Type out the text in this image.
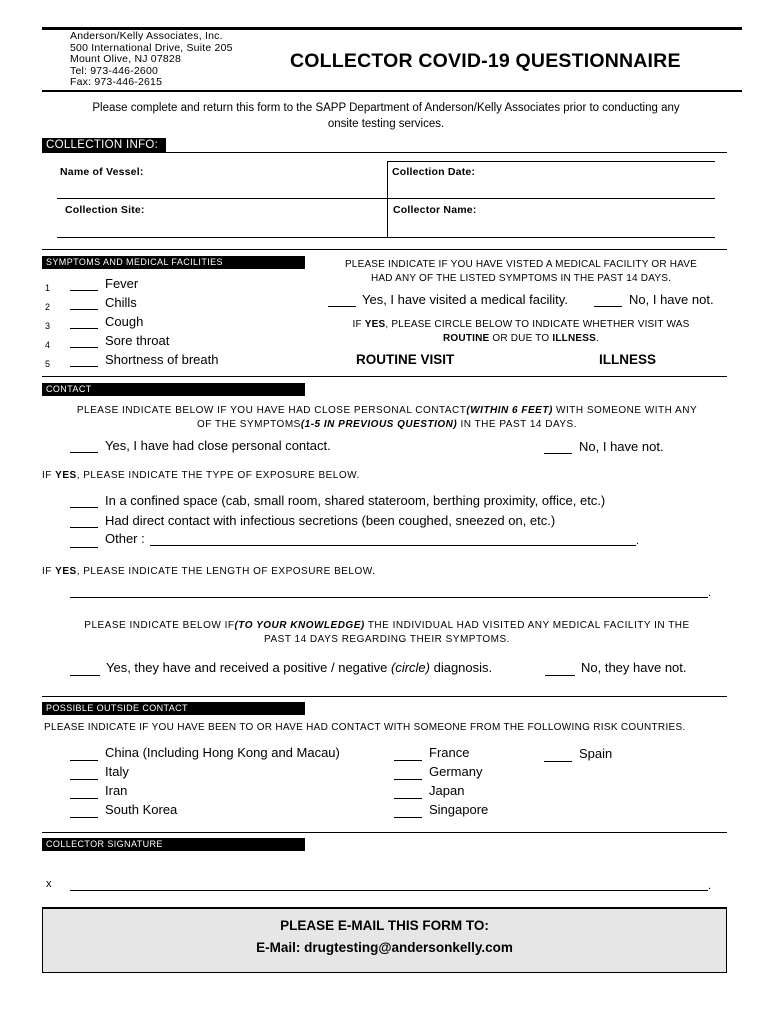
Anderson/Kelly Associates, Inc.
500 International Drive, Suite 205
Mount Olive, NJ 07828
Tel: 973-446-2600
Fax: 973-446-2615
COLLECTOR COVID-19 QUESTIONNAIRE
Please complete and return this form to the SAPP Department of Anderson/Kelly Associates prior to conducting any
onsite testing services.
COLLECTION INFO:
Name of Vessel:	Collection Date:
Collection Site:	Collector Name:
SYMPTOMS AND MEDICAL FACILITIES
1	Fever
2	Chills
3	Cough
4	Sore throat
5	Shortness of breath
PLEASE INDICATE IF YOU HAVE VISTED A MEDICAL FACILITY OR HAVE
HAD ANY OF THE LISTED SYMPTOMS IN THE PAST 14 DAYS.
Yes, I have visited a medical facility.	No, I have not.
IF YES, PLEASE CIRCLE BELOW TO INDICATE WHETHER VISIT WAS
ROUTINE OR DUE TO ILLNESS.
ROUTINE VISIT	ILLNESS
CONTACT
PLEASE INDICATE BELOW IF YOU HAVE HAD CLOSE PERSONAL CONTACT(WITHIN 6 FEET) WITH SOMEONE WITH ANY
OF THE SYMPTOMS(1-5 IN PREVIOUS QUESTION) IN THE PAST 14 DAYS.
Yes, I have had close personal contact.	No, I have not.
IF YES, PLEASE INDICATE THE TYPE OF EXPOSURE BELOW.
In a confined space (cab, small room, shared stateroom, berthing proximity, office, etc.)
Had direct contact with infectious secretions (been coughed, sneezed on, etc.)
Other :	.
IF YES, PLEASE INDICATE THE LENGTH OF EXPOSURE BELOW.
.
PLEASE INDICATE BELOW IF(TO YOUR KNOWLEDGE) THE INDIVIDUAL HAD VISITED ANY MEDICAL FACILITY IN THE
PAST 14 DAYS REGARDING THEIR SYMPTOMS.
Yes, they have and received a positive / negative (circle) diagnosis.	No, they have not.
POSSIBLE OUTSIDE CONTACT
PLEASE INDICATE IF YOU HAVE BEEN TO OR HAVE HAD CONTACT WITH SOMEONE FROM THE FOLLOWING RISK COUNTRIES.
China (Including Hong Kong and Macau)
Italy
Iran
South Korea
France
Germany
Japan
Singapore
Spain
COLLECTOR SIGNATURE
x	.
PLEASE E-MAIL THIS FORM TO:
E-Mail: drugtesting@andersonkelly.com
